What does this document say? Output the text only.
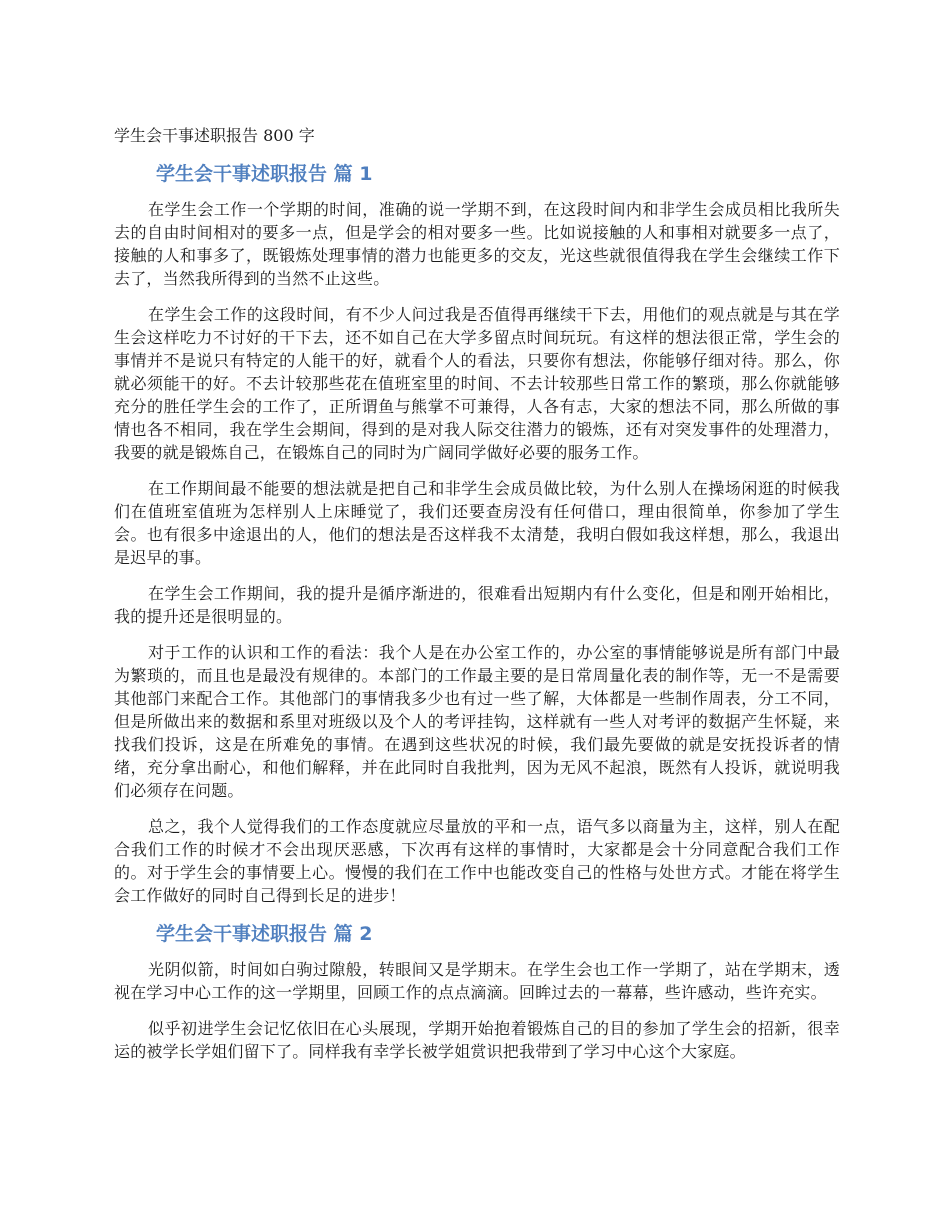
学生会干事述职报告 800 字
学生会干事述职报告 篇 1

在学生会工作一个学期的时间，准确的说一学期不到，在这段时间内和非学生会成员相比我所失去的自由时间相对的要多一点，但是学会的相对要多一些。比如说接触的人和事相对就要多一点了，接触的人和事多了，既锻炼处理事情的潜力也能更多的交友，光这些就很值得我在学生会继续工作下去了，当然我所得到的当然不止这些。

在学生会工作的这段时间，有不少人问过我是否值得再继续干下去，用他们的观点就是与其在学生会这样吃力不讨好的干下去，还不如自己在大学多留点时间玩玩。有这样的想法很正常，学生会的事情并不是说只有特定的人能干的好，就看个人的看法，只要你有想法，你能够仔细对待。那么，你就必须能干的好。不去计较那些花在值班室里的时间、不去计较那些日常工作的繁琐，那么你就能够充分的胜任学生会的工作了，正所谓鱼与熊掌不可兼得，人各有志，大家的想法不同，那么所做的事情也各不相同，我在学生会期间，得到的是对我人际交往潜力的锻炼，还有对突发事件的处理潜力，我要的就是锻炼自己，在锻炼自己的同时为广阔同学做好必要的服务工作。

在工作期间最不能要的想法就是把自己和非学生会成员做比较，为什么别人在操场闲逛的时候我们在值班室值班为怎样别人上床睡觉了，我们还要查房没有任何借口，理由很简单，你参加了学生会。也有很多中途退出的人，他们的想法是否这样我不太清楚，我明白假如我这样想，那么，我退出是迟早的事。

在学生会工作期间，我的提升是循序渐进的，很难看出短期内有什么变化，但是和刚开始相比，我的提升还是很明显的。

对于工作的认识和工作的看法：我个人是在办公室工作的，办公室的事情能够说是所有部门中最为繁琐的，而且也是最没有规律的。本部门的工作最主要的是日常周量化表的制作等，无一不是需要其他部门来配合工作。其他部门的事情我多少也有过一些了解，大体都是一些制作周表，分工不同，但是所做出来的数据和系里对班级以及个人的考评挂钩，这样就有一些人对考评的数据产生怀疑，来找我们投诉，这是在所难免的事情。在遇到这些状况的时候，我们最先要做的就是安抚投诉者的情绪，充分拿出耐心，和他们解释，并在此同时自我批判，因为无风不起浪，既然有人投诉，就说明我们必须存在问题。

总之，我个人觉得我们的工作态度就应尽量放的平和一点，语气多以商量为主，这样，别人在配合我们工作的时候才不会出现厌恶感，下次再有这样的事情时，大家都是会十分同意配合我们工作的。对于学生会的事情要上心。慢慢的我们在工作中也能改变自己的性格与处世方式。才能在将学生会工作做好的同时自己得到长足的进步！

学生会干事述职报告 篇 2

光阴似箭，时间如白驹过隙般，转眼间又是学期末。在学生会也工作一学期了，站在学期末，透视在学习中心工作的这一学期里，回顾工作的点点滴滴。回眸过去的一幕幕，些许感动，些许充实。

似乎初进学生会记忆依旧在心头展现，学期开始抱着锻炼自己的目的参加了学生会的招新，很幸运的被学长学姐们留下了。同样我有幸学长被学姐赏识把我带到了学习中心这个大家庭。
